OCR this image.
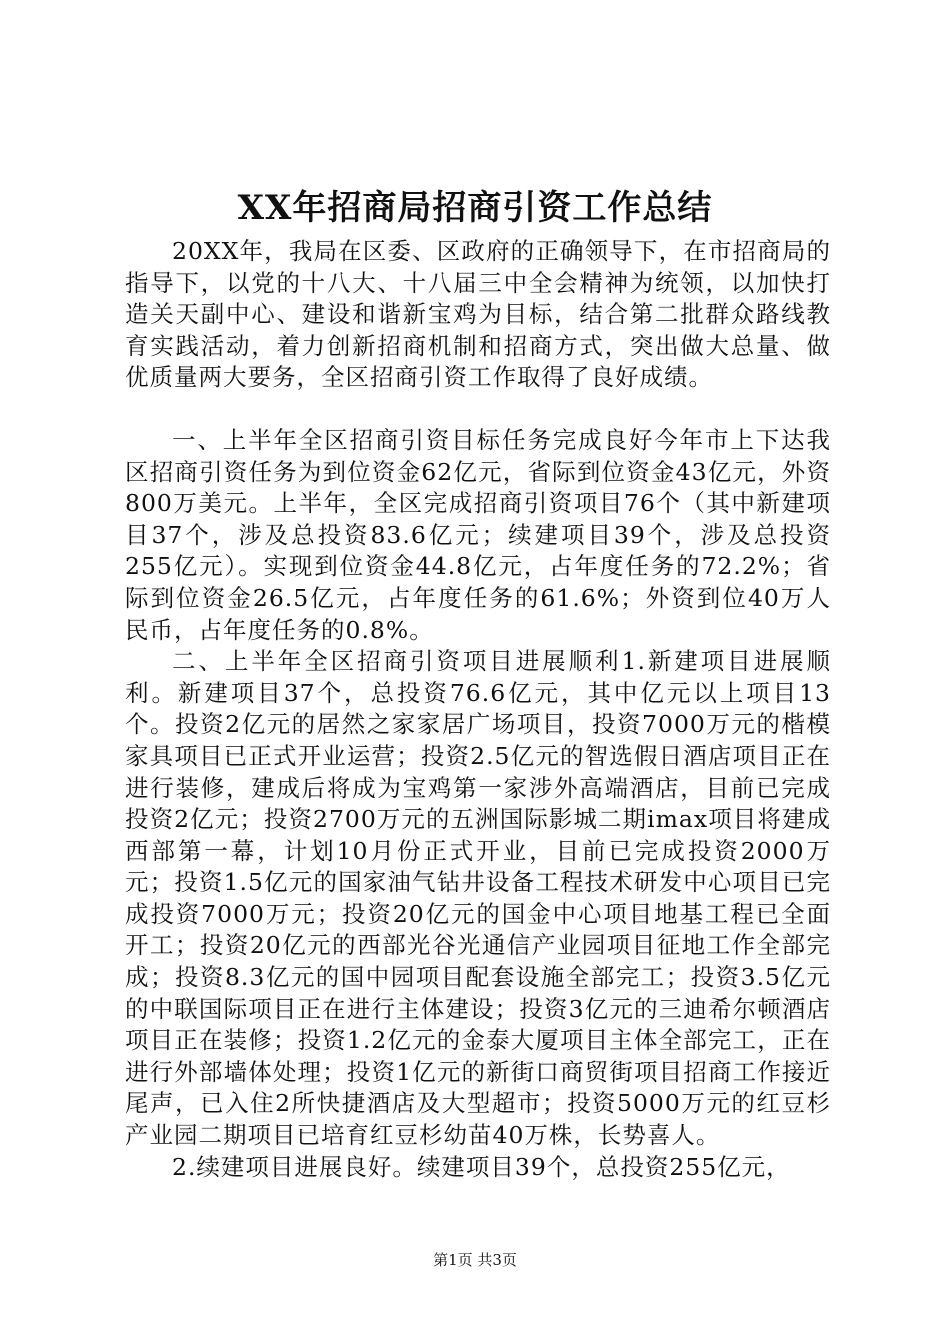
XX年招商局招商引资工作总结

20XX年，我局在区委、区政府的正确领导下，在市招商局的指导下，以党的十八大、十八届三中全会精神为统领，以加快打造关天副中心、建设和谐新宝鸡为目标，结合第二批群众路线教育实践活动，着力创新招商机制和招商方式，突出做大总量、做优质量两大要务，全区招商引资工作取得了良好成绩。

一、上半年全区招商引资目标任务完成良好今年市上下达我区招商引资任务为到位资金62亿元，省际到位资金43亿元，外资800万美元。上半年，全区完成招商引资项目76个（其中新建项目37个，涉及总投资83.6亿元；续建项目39个，涉及总投资255亿元）。实现到位资金44.8亿元，占年度任务的72.2%；省际到位资金26.5亿元，占年度任务的61.6%；外资到位40万人民币，占年度任务的0.8%。

二、上半年全区招商引资项目进展顺利1.新建项目进展顺利。新建项目37个，总投资76.6亿元，其中亿元以上项目13个。投资2亿元的居然之家家居广场项目，投资7000万元的楷模家具项目已正式开业运营；投资2.5亿元的智选假日酒店项目正在进行装修，建成后将成为宝鸡第一家涉外高端酒店，目前已完成投资2亿元；投资2700万元的五洲国际影城二期imax项目将建成西部第一幕，计划10月份正式开业，目前已完成投资2000万元；投资1.5亿元的国家油气钻井设备工程技术研发中心项目已完成投资7000万元；投资20亿元的国金中心项目地基工程已全面开工；投资20亿元的西部光谷光通信产业园项目征地工作全部完成；投资8.3亿元的国中园项目配套设施全部完工；投资3.5亿元的中联国际项目正在进行主体建设；投资3亿元的三迪希尔顿酒店项目正在装修；投资1.2亿元的金泰大厦项目主体全部完工，正在进行外部墙体处理；投资1亿元的新街口商贸街项目招商工作接近尾声，已入住2所快捷酒店及大型超市；投资5000万元的红豆杉产业园二期项目已培育红豆杉幼苗40万株，长势喜人。

2.续建项目进展良好。续建项目39个，总投资255亿元，

第1页 共3页
